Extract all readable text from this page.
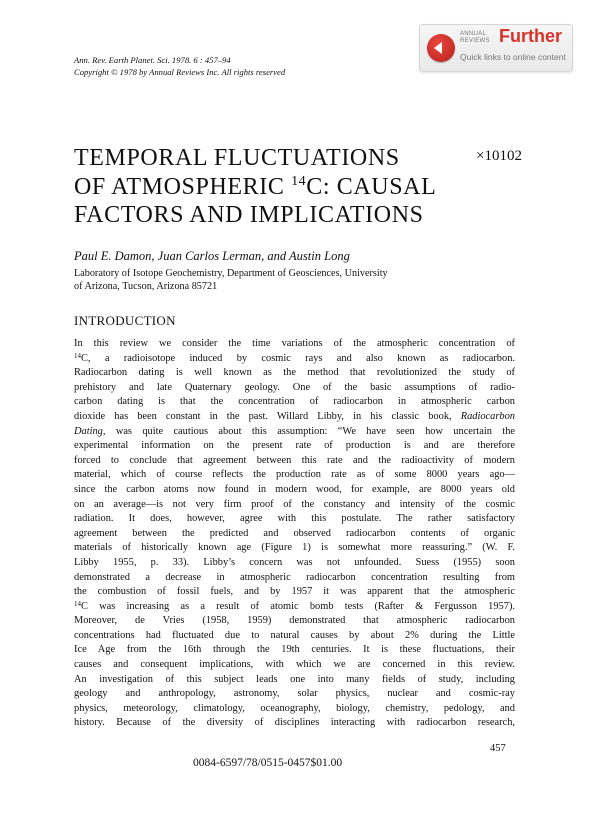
Ann. Rev. Earth Planet. Sci. 1978. 6 : 457–94
Copyright © 1978 by Annual Reviews Inc. All rights reserved
ANNUAL
REVIEWS Further
Quick links to online content
TEMPORAL FLUCTUATIONS
OF ATMOSPHERIC $^{14}$C: CAUSAL
FACTORS AND IMPLICATIONS
×10102
Paul E. Damon, Juan Carlos Lerman, and Austin Long
Laboratory of Isotope Geochemistry, Department of Geosciences, University
of Arizona, Tucson, Arizona 85721
INTRODUCTION
In this review we consider the time variations of the atmospheric concentration of
$^{14}$C, a radioisotope induced by cosmic rays and also known as radiocarbon.
Radiocarbon dating is well known as the method that revolutionized the study of
prehistory and late Quaternary geology. One of the basic assumptions of radio-
carbon dating is that the concentration of radiocarbon in atmospheric carbon
dioxide has been constant in the past. Willard Libby, in his classic book, Radiocarbon
Dating, was quite cautious about this assumption: “We have seen how uncertain the
experimental information on the present rate of production is and are therefore
forced to conclude that agreement between this rate and the radioactivity of modern
material, which of course reflects the production rate as of some 8000 years ago—
since the carbon atoms now found in modern wood, for example, are 8000 years old
on an average—is not very firm proof of the constancy and intensity of the cosmic
radiation. It does, however, agree with this postulate. The rather satisfactory
agreement between the predicted and observed radiocarbon contents of organic
materials of historically known age (Figure 1) is somewhat more reassuring.” (W. F.
Libby 1955, p. 33). Libby’s concern was not unfounded. Suess (1955) soon
demonstrated a decrease in atmospheric radiocarbon concentration resulting from
the combustion of fossil fuels, and by 1957 it was apparent that the atmospheric
$^{14}$C was increasing as a result of atomic bomb tests (Rafter & Fergusson 1957).
Moreover, de Vries (1958, 1959) demonstrated that atmospheric radiocarbon
concentrations had fluctuated due to natural causes by about 2% during the Little
Ice Age from the 16th through the 19th centuries. It is these fluctuations, their
causes and consequent implications, with which we are concerned in this review.
An investigation of this subject leads one into many fields of study, including
geology and anthropology, astronomy, solar physics, nuclear and cosmic-ray
physics, meteorology, climatology, oceanography, biology, chemistry, pedology, and
history. Because of the diversity of disciplines interacting with radiocarbon research,
457
0084-6597/78/0515-0457$01.00
